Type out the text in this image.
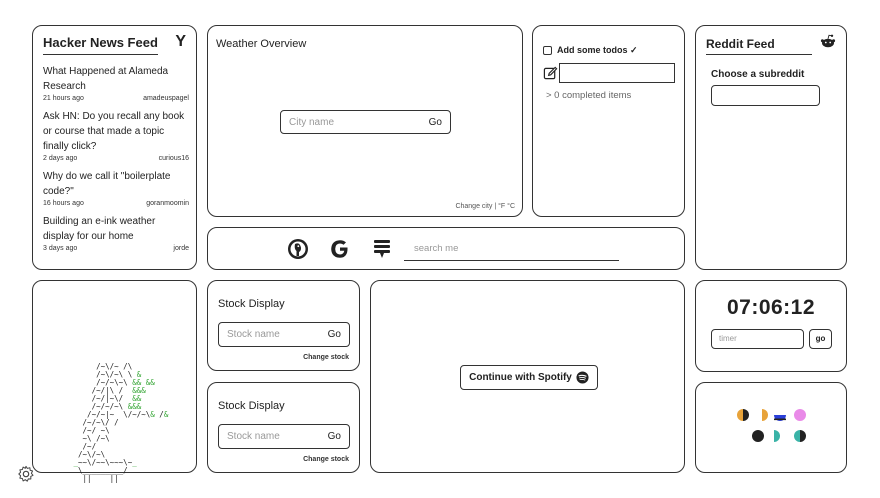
Hacker News Feed Y
What Happened at Alameda Research
21 hours ago	amadeuspagel
Ask HN: Do you recall any book or course that made a topic finally click?
2 days ago	curious16
Why do we call it "boilerplate code?"
16 hours ago	goranmoomin
Building an e-ink weather display for our home
3 days ago	jorde
Weather Overview
City name	Go
Change city | °F °C
Add some todos ✓
> 0 completed items
Reddit Feed
Choose a subreddit
search me
/~\/~ /\
/~\/~\ \ &
/~/~\~\ && &&
/~/|\ /  &&&
/~/|~\/  &&
/~/~/~\ &&&
/~/~|~  \/~/~\& /&
/~/~\/ /
/~/ ~\
~\ /~\
/~/
/~\/~\
_~~\/~~\~~~\~_
\_________/
||    ||
Stock Display
Stock name	Go
Change stock
Stock Display
Stock name	Go
Change stock
Continue with Spotify
07:06:12
timer	go
